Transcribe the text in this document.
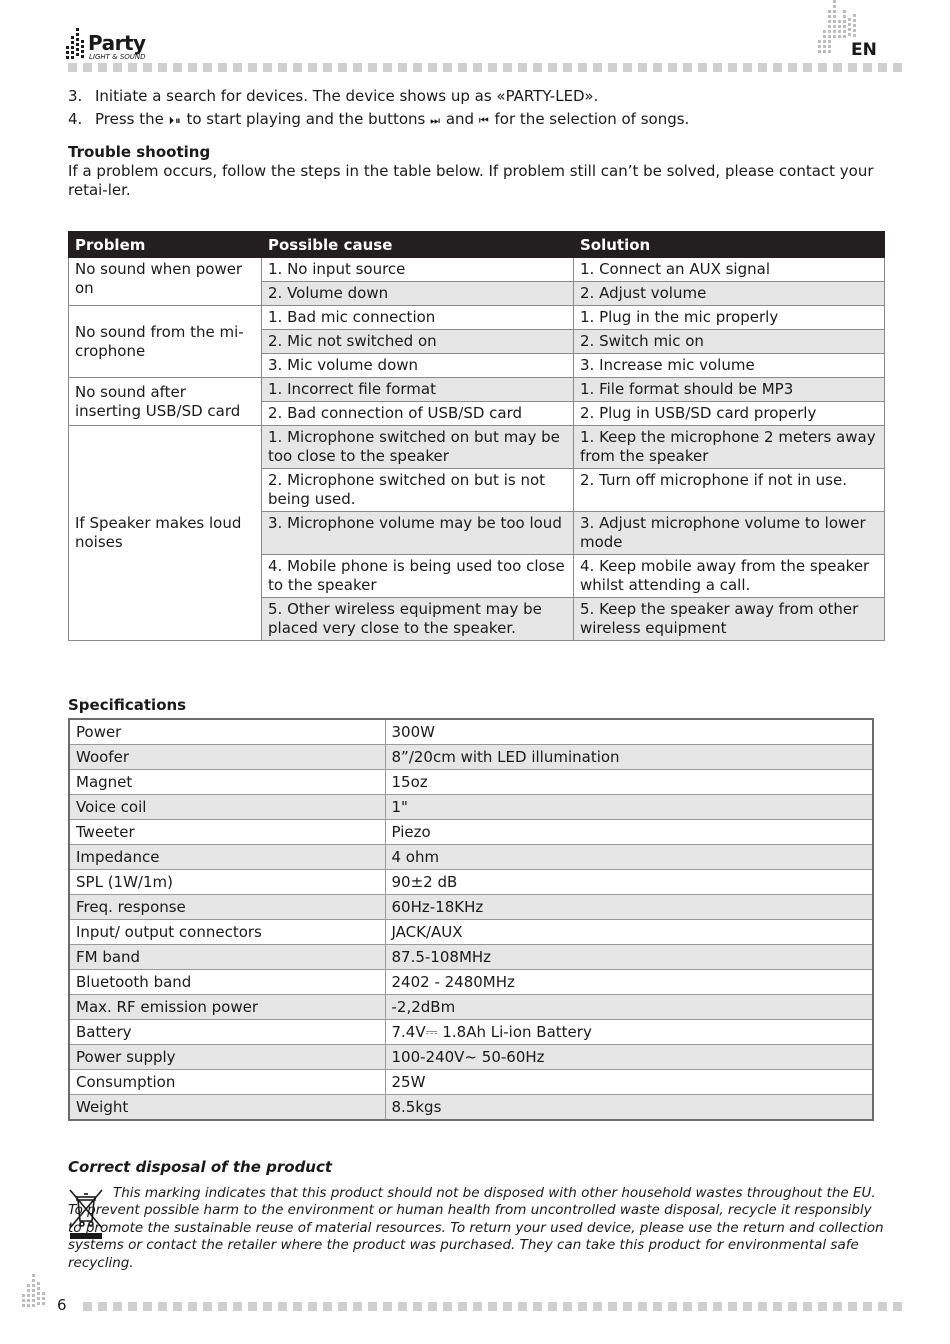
Party
LIGHT & SOUND	EN
3. Initiate a search for devices. The device shows up as «PARTY-LED».
4. Press the ⏵⏸ to start playing and the buttons ⏭ and ⏮ for the selection of songs.
Trouble shooting
If a problem occurs, follow the steps in the table below. If problem still can’t be solved, please contact your retai-ler.
Problem	Possible cause	Solution
No sound when power on	1. No input source	1. Connect an AUX signal
	2. Volume down	2. Adjust volume
No sound from the mi-crophone	1. Bad mic connection	1. Plug in the mic properly
	2. Mic not switched on	2. Switch mic on
	3. Mic volume down	3. Increase mic volume
No sound after inserting USB/SD card	1. Incorrect file format	1. File format should be MP3
	2. Bad connection of USB/SD card	2. Plug in USB/SD card properly
If Speaker makes loud noises	1. Microphone switched on but may be too close to the speaker	1. Keep the microphone 2 meters away from the speaker
	2. Microphone switched on but is not being used.	2. Turn off microphone if not in use.
	3. Microphone volume may be too loud	3. Adjust microphone volume to lower mode
	4. Mobile phone is being used too close to the speaker	4. Keep mobile away from the speaker whilst attending a call.
	5. Other wireless equipment may be placed very close to the speaker.	5. Keep the speaker away from other wireless equipment
Specifications
Power	300W
Woofer	8”/20cm with LED illumination
Magnet	15oz
Voice coil	1"
Tweeter	Piezo
Impedance	4 ohm
SPL (1W/1m)	90±2 dB
Freq. response	60Hz-18KHz
Input/ output connectors	JACK/AUX
FM band	87.5-108MHz
Bluetooth band	2402 - 2480MHz
Max. RF emission power	-2,2dBm
Battery	7.4V⎓ 1.8Ah Li-ion Battery
Power supply	100-240V~ 50-60Hz
Consumption	25W
Weight	8.5kgs
Correct disposal of the product
This marking indicates that this product should not be disposed with other household wastes throughout the EU. To prevent possible harm to the environment or human health from uncontrolled waste disposal, recycle it responsibly to promote the sustainable reuse of material resources. To return your used device, please use the return and collection systems or contact the retailer where the product was purchased. They can take this product for environmental safe recycling.
6
